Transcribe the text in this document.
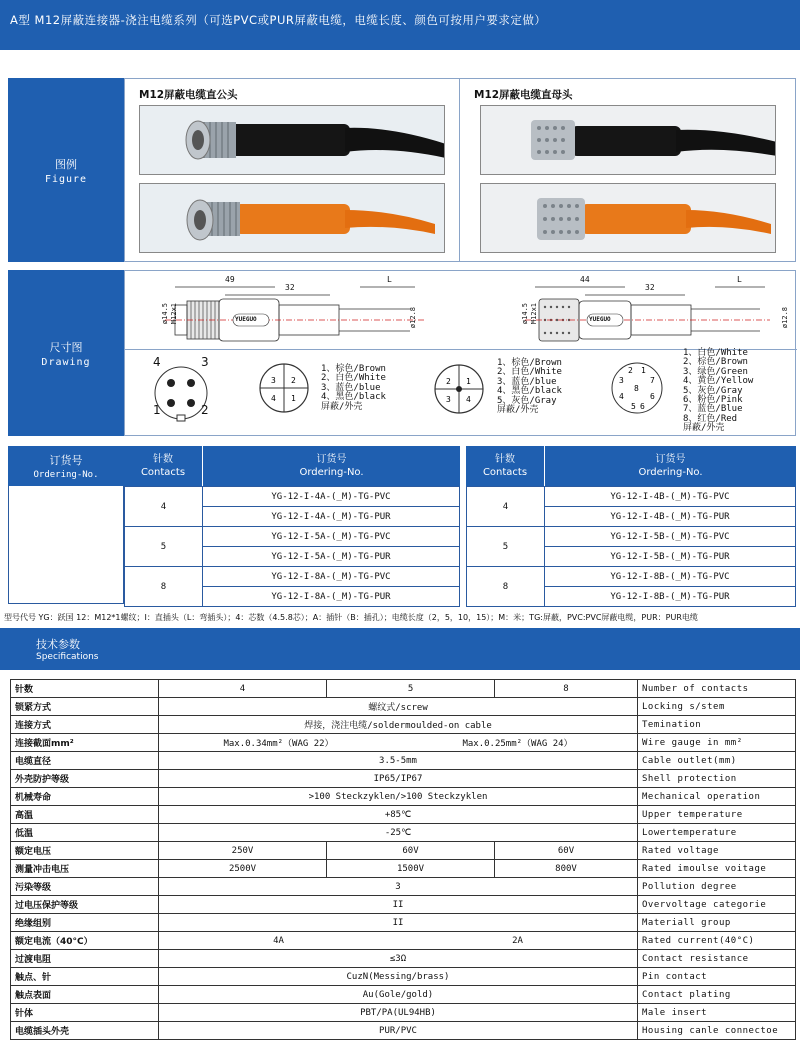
A型 M12屏蔽连接器-浇注电缆系列（可选PVC或PUR屏蔽电缆，电缆长度、颜色可按用户要求定做）
图例
Figure
M12屏蔽电缆直公头	M12屏蔽电缆直母头
尺寸图
Drawing
49
32
L
YUEGUO
ø14.5 M12x1	ø12.8
44
32
L
YUEGUO
ø14.5 M12x1	ø12.8
4	3
1	2
3 2
4 1
1、棕色/Brown
2、白色/White
3、蓝色/blue
4、黑色/black
屏蔽/外壳
2 1
3 4
1、棕色/Brown
2、白色/White
3、蓝色/blue
4、黑色/black
5、灰色/Gray
屏蔽/外壳
2 1
3	7
8
4	6
5 6
1、白色/White
2、棕色/Brown
3、绿色/Green
4、黄色/Yellow
5、灰色/Gray
6、粉色/Pink
7、蓝色/Blue
8、红色/Red
屏蔽/外壳
订货号
Ordering-No.
针数
Contacts
订货号
Ordering-No.
4	YG-12-I-4A-(_M)-TG-PVC
	YG-12-I-4A-(_M)-TG-PUR
5	YG-12-I-5A-(_M)-TG-PVC
	YG-12-I-5A-(_M)-TG-PUR
8	YG-12-I-8A-(_M)-TG-PVC
	YG-12-I-8A-(_M)-TG-PUR
针数
Contacts
订货号
Ordering-No.
4	YG-12-I-4B-(_M)-TG-PVC
	YG-12-I-4B-(_M)-TG-PUR
5	YG-12-I-5B-(_M)-TG-PVC
	YG-12-I-5B-(_M)-TG-PUR
8	YG-12-I-8B-(_M)-TG-PVC
	YG-12-I-8B-(_M)-TG-PUR
型号代号 YG：跃国 12：M12*1螺纹；I：直插头（L：弯插头）；4：芯数（4.5.8芯）；A：插针（B：插孔）；电缆长度（2，5，10，15）；M：米；TG:屏蔽，PVC:PVC屏蔽电缆，PUR：PUR电缆
技术参数
Specifications
针数	4	5	8	Number of contacts
锁紧方式	螺纹式/screw			Locking s/stem
连接方式	焊接，浇注电缆/soldermoulded-on cable			Temination
连接截面mm²	Max.0.34mm²（WAG 22） Max.0.25mm²（WAG 24）			Wire gauge in mm²
电缆直径	3.5-5mm			Cable outlet(mm)
外壳防护等级	IP65/IP67			Shell protection
机械寿命	>100 Steckzyklen/>100 Steckzyklen			Mechanical operation
高温	+85℃			Upper temperature
低温	-25℃			Lowertemperature
额定电压	250V	60V	60V	Rated voltage
测量冲击电压	2500V	1500V	800V	Rated imoulse voitage
污染等级	3			Pollution degree
过电压保护等级	II			Overvoltage categorie
绝缘组别	II			Materiall group
额定电流（40°C）	4A 2A			Rated current(40°C)
过渡电阻	≤3Ω			Contact resistance
触点、针	CuzN(Messing/brass)			Pin contact
触点表面	Au(Gole/gold)			Contact plating
针体	PBT/PA(UL94HB)			Male insert
电缆插头外壳	PUR/PVC			Housing canle connectoe
